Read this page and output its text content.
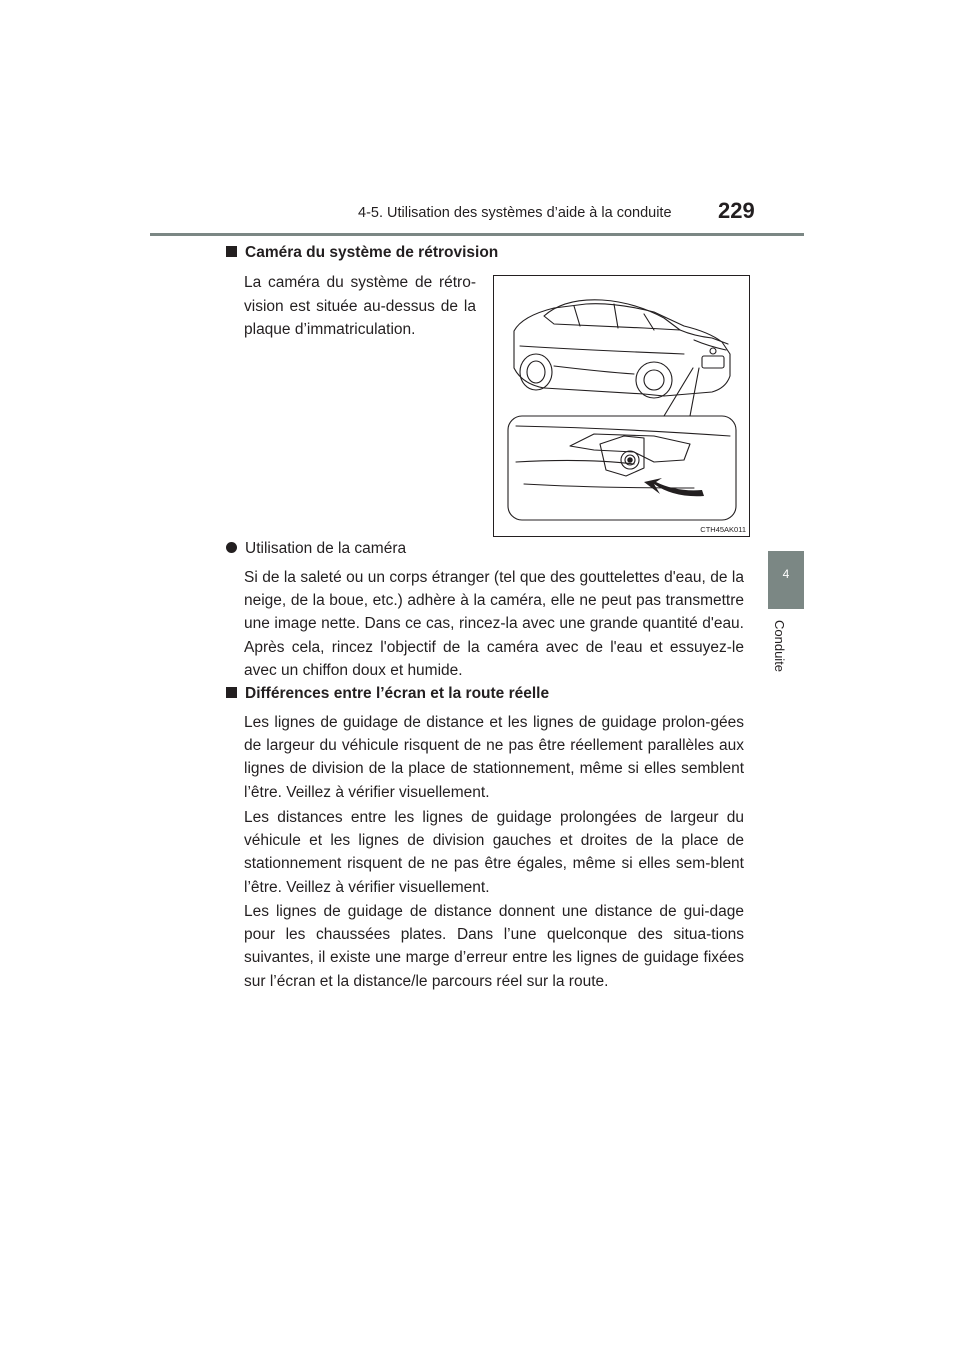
4-5. Utilisation des systèmes d’aide à la conduite 229
4
Conduite
Caméra du système de rétrovision

La caméra du système de rétro-vision est située au-dessus de la plaque d’immatriculation.

CTH45AK011
Utilisation de la caméra

Si de la saleté ou un corps étranger (tel que des gouttelettes d'eau, de la neige, de la boue, etc.) adhère à la caméra, elle ne peut pas transmettre une image nette. Dans ce cas, rincez-la avec une grande quantité d'eau. Après cela, rincez l'objectif de la caméra avec de l'eau et essuyez-le avec un chiffon doux et humide.

Différences entre l’écran et la route réelle

Les lignes de guidage de distance et les lignes de guidage prolon-gées de largeur du véhicule risquent de ne pas être réellement parallèles aux lignes de division de la place de stationnement, même si elles semblent l’être. Veillez à vérifier visuellement.

Les distances entre les lignes de guidage prolongées de largeur du véhicule et les lignes de division gauches et droites de la place de stationnement risquent de ne pas être égales, même si elles sem-blent l’être. Veillez à vérifier visuellement.

Les lignes de guidage de distance donnent une distance de gui-dage pour les chaussées plates. Dans l’une quelconque des situa-tions suivantes, il existe une marge d’erreur entre les lignes de guidage fixées sur l’écran et la distance/le parcours réel sur la route.
